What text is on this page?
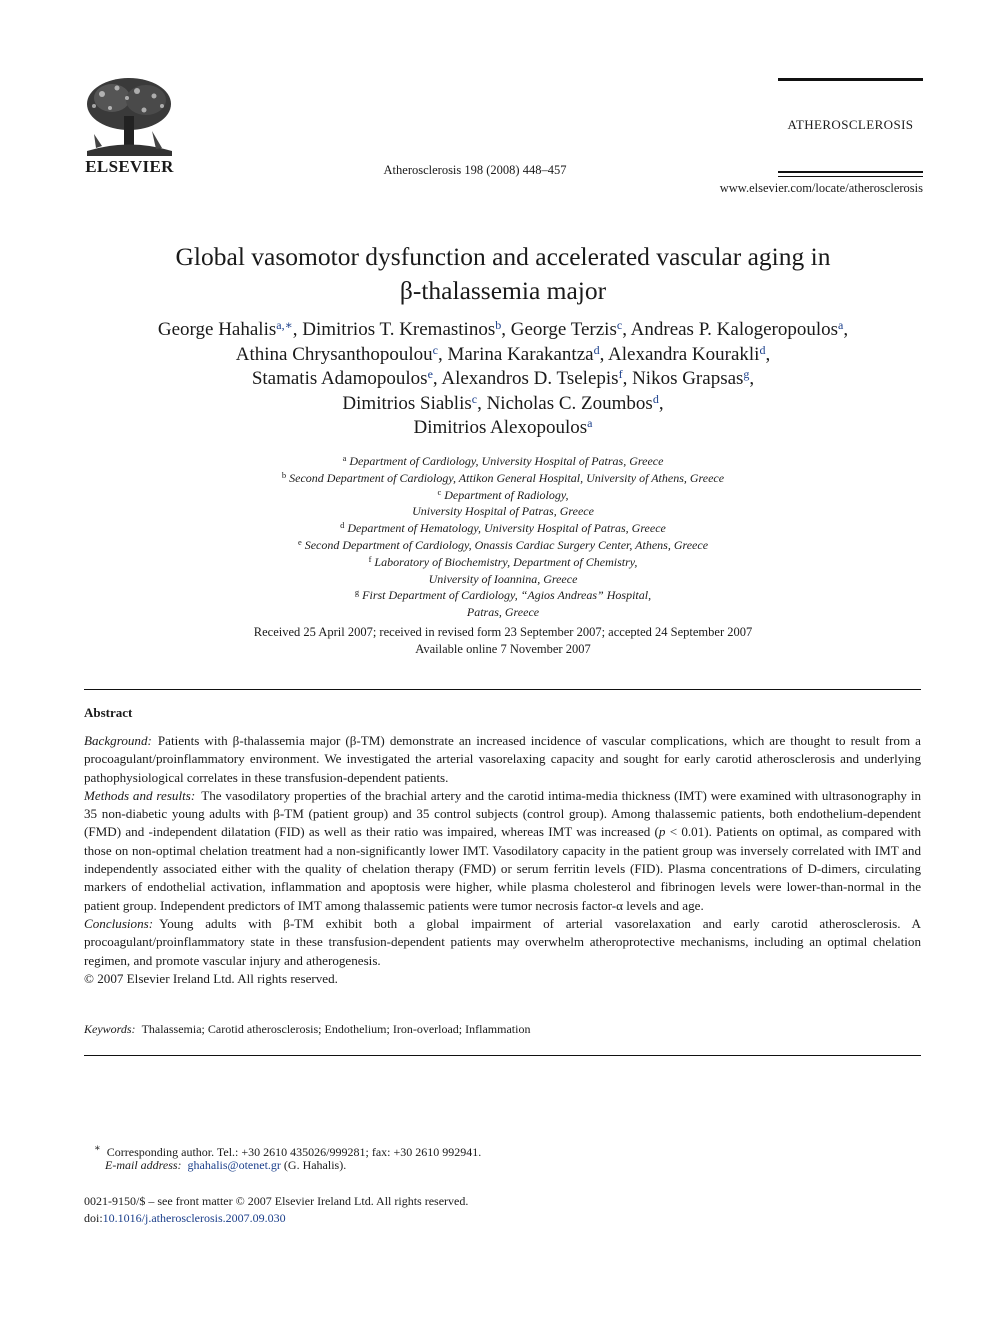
ELSEVIER	Atherosclerosis 198 (2008) 448–457
ATHEROSCLEROSIS
www.elsevier.com/locate/atherosclerosis
Global vasomotor dysfunction and accelerated vascular aging in
β-thalassemia major
George Hahalis$^{a,∗}$, Dimitrios T. Kremastinos$^b$, George Terzis$^c$, Andreas P. Kalogeropoulos$^a$,
Athina Chrysanthopoulou$^c$, Marina Karakantza$^d$, Alexandra Kourakli$^d$,
Stamatis Adamopoulos$^e$, Alexandros D. Tselepis$^f$, Nikos Grapsas$^g$,
Dimitrios Siablis$^c$, Nicholas C. Zoumbos$^d$,
Dimitrios Alexopoulos$^a$
$^a$ Department of Cardiology, University Hospital of Patras, Greece
$^b$ Second Department of Cardiology, Attikon General Hospital, University of Athens, Greece
$^c$ Department of Radiology,
University Hospital of Patras, Greece
$^d$ Department of Hematology, University Hospital of Patras, Greece
$^e$ Second Department of Cardiology, Onassis Cardiac Surgery Center, Athens, Greece
$^f$ Laboratory of Biochemistry, Department of Chemistry,
University of Ioannina, Greece
$^g$ First Department of Cardiology, “Agios Andreas” Hospital,
Patras, Greece
Received 25 April 2007; received in revised form 23 September 2007; accepted 24 September 2007
Available online 7 November 2007
Abstract

Background: Patients with β-thalassemia major (β-TM) demonstrate an increased incidence of vascular complications, which are thought to result from a procoagulant/proinflammatory environment. We investigated the arterial vasorelaxing capacity and sought for early carotid atherosclerosis and underlying pathophysiological correlates in these transfusion-dependent patients.

Methods and results: The vasodilatory properties of the brachial artery and the carotid intima-media thickness (IMT) were examined with ultrasonography in 35 non-diabetic young adults with β-TM (patient group) and 35 control subjects (control group). Among thalassemic patients, both endothelium-dependent (FMD) and -independent dilatation (FID) as well as their ratio was impaired, whereas IMT was increased (p < 0.01). Patients on optimal, as compared with those on non-optimal chelation treatment had a non-significantly lower IMT. Vasodilatory capacity in the patient group was inversely correlated with IMT and independently associated either with the quality of chelation therapy (FMD) or serum ferritin levels (FID). Plasma concentrations of D-dimers, circulating markers of endothelial activation, inflammation and apoptosis were higher, while plasma cholesterol and fibrinogen levels were lower-than-normal in the patient group. Independent predictors of IMT among thalassemic patients were tumor necrosis factor-α levels and age.

Conclusions: Young adults with β-TM exhibit both a global impairment of arterial vasorelaxation and early carotid atherosclerosis. A procoagulant/proinflammatory state in these transfusion-dependent patients may overwhelm atheroprotective mechanisms, including an optimal chelation regimen, and promote vascular injury and atherogenesis.

© 2007 Elsevier Ireland Ltd. All rights reserved.

Keywords: Thalassemia; Carotid atherosclerosis; Endothelium; Iron-overload; Inflammation
∗ Corresponding author. Tel.: +30 2610 435026/999281; fax: +30 2610 992941.
E-mail address: ghahalis@otenet.gr (G. Hahalis).
0021-9150/$ – see front matter © 2007 Elsevier Ireland Ltd. All rights reserved.
doi:10.1016/j.atherosclerosis.2007.09.030
